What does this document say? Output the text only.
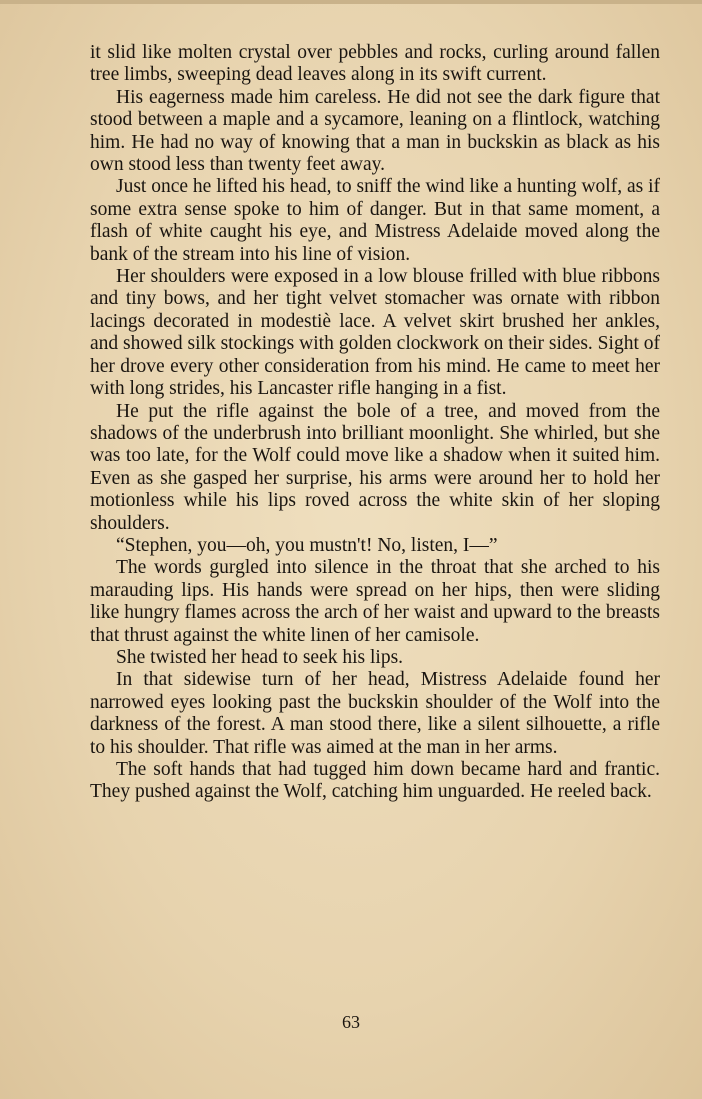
it slid like molten crystal over pebbles and rocks, curling around fallen tree limbs, sweeping dead leaves along in its swift current.

His eagerness made him careless. He did not see the dark figure that stood between a maple and a sycamore, leaning on a flintlock, watching him. He had no way of knowing that a man in buckskin as black as his own stood less than twenty feet away.

Just once he lifted his head, to sniff the wind like a hunting wolf, as if some extra sense spoke to him of danger. But in that same moment, a flash of white caught his eye, and Mistress Adelaide moved along the bank of the stream into his line of vision.

Her shoulders were exposed in a low blouse frilled with blue ribbons and tiny bows, and her tight velvet stomacher was ornate with ribbon lacings decorated in modestiè lace. A velvet skirt brushed her ankles, and showed silk stockings with golden clockwork on their sides. Sight of her drove every other consideration from his mind. He came to meet her with long strides, his Lancaster rifle hanging in a fist.

He put the rifle against the bole of a tree, and moved from the shadows of the underbrush into brilliant moonlight. She whirled, but she was too late, for the Wolf could move like a shadow when it suited him. Even as she gasped her surprise, his arms were around her to hold her motionless while his lips roved across the white skin of her sloping shoulders.

“Stephen, you—oh, you mustn't! No, listen, I—”

The words gurgled into silence in the throat that she arched to his marauding lips. His hands were spread on her hips, then were sliding like hungry flames across the arch of her waist and upward to the breasts that thrust against the white linen of her camisole.

She twisted her head to seek his lips.

In that sidewise turn of her head, Mistress Adelaide found her narrowed eyes looking past the buckskin shoulder of the Wolf into the darkness of the forest. A man stood there, like a silent silhouette, a rifle to his shoulder. That rifle was aimed at the man in her arms.

The soft hands that had tugged him down became hard and frantic. They pushed against the Wolf, catching him unguarded. He reeled back.

63
